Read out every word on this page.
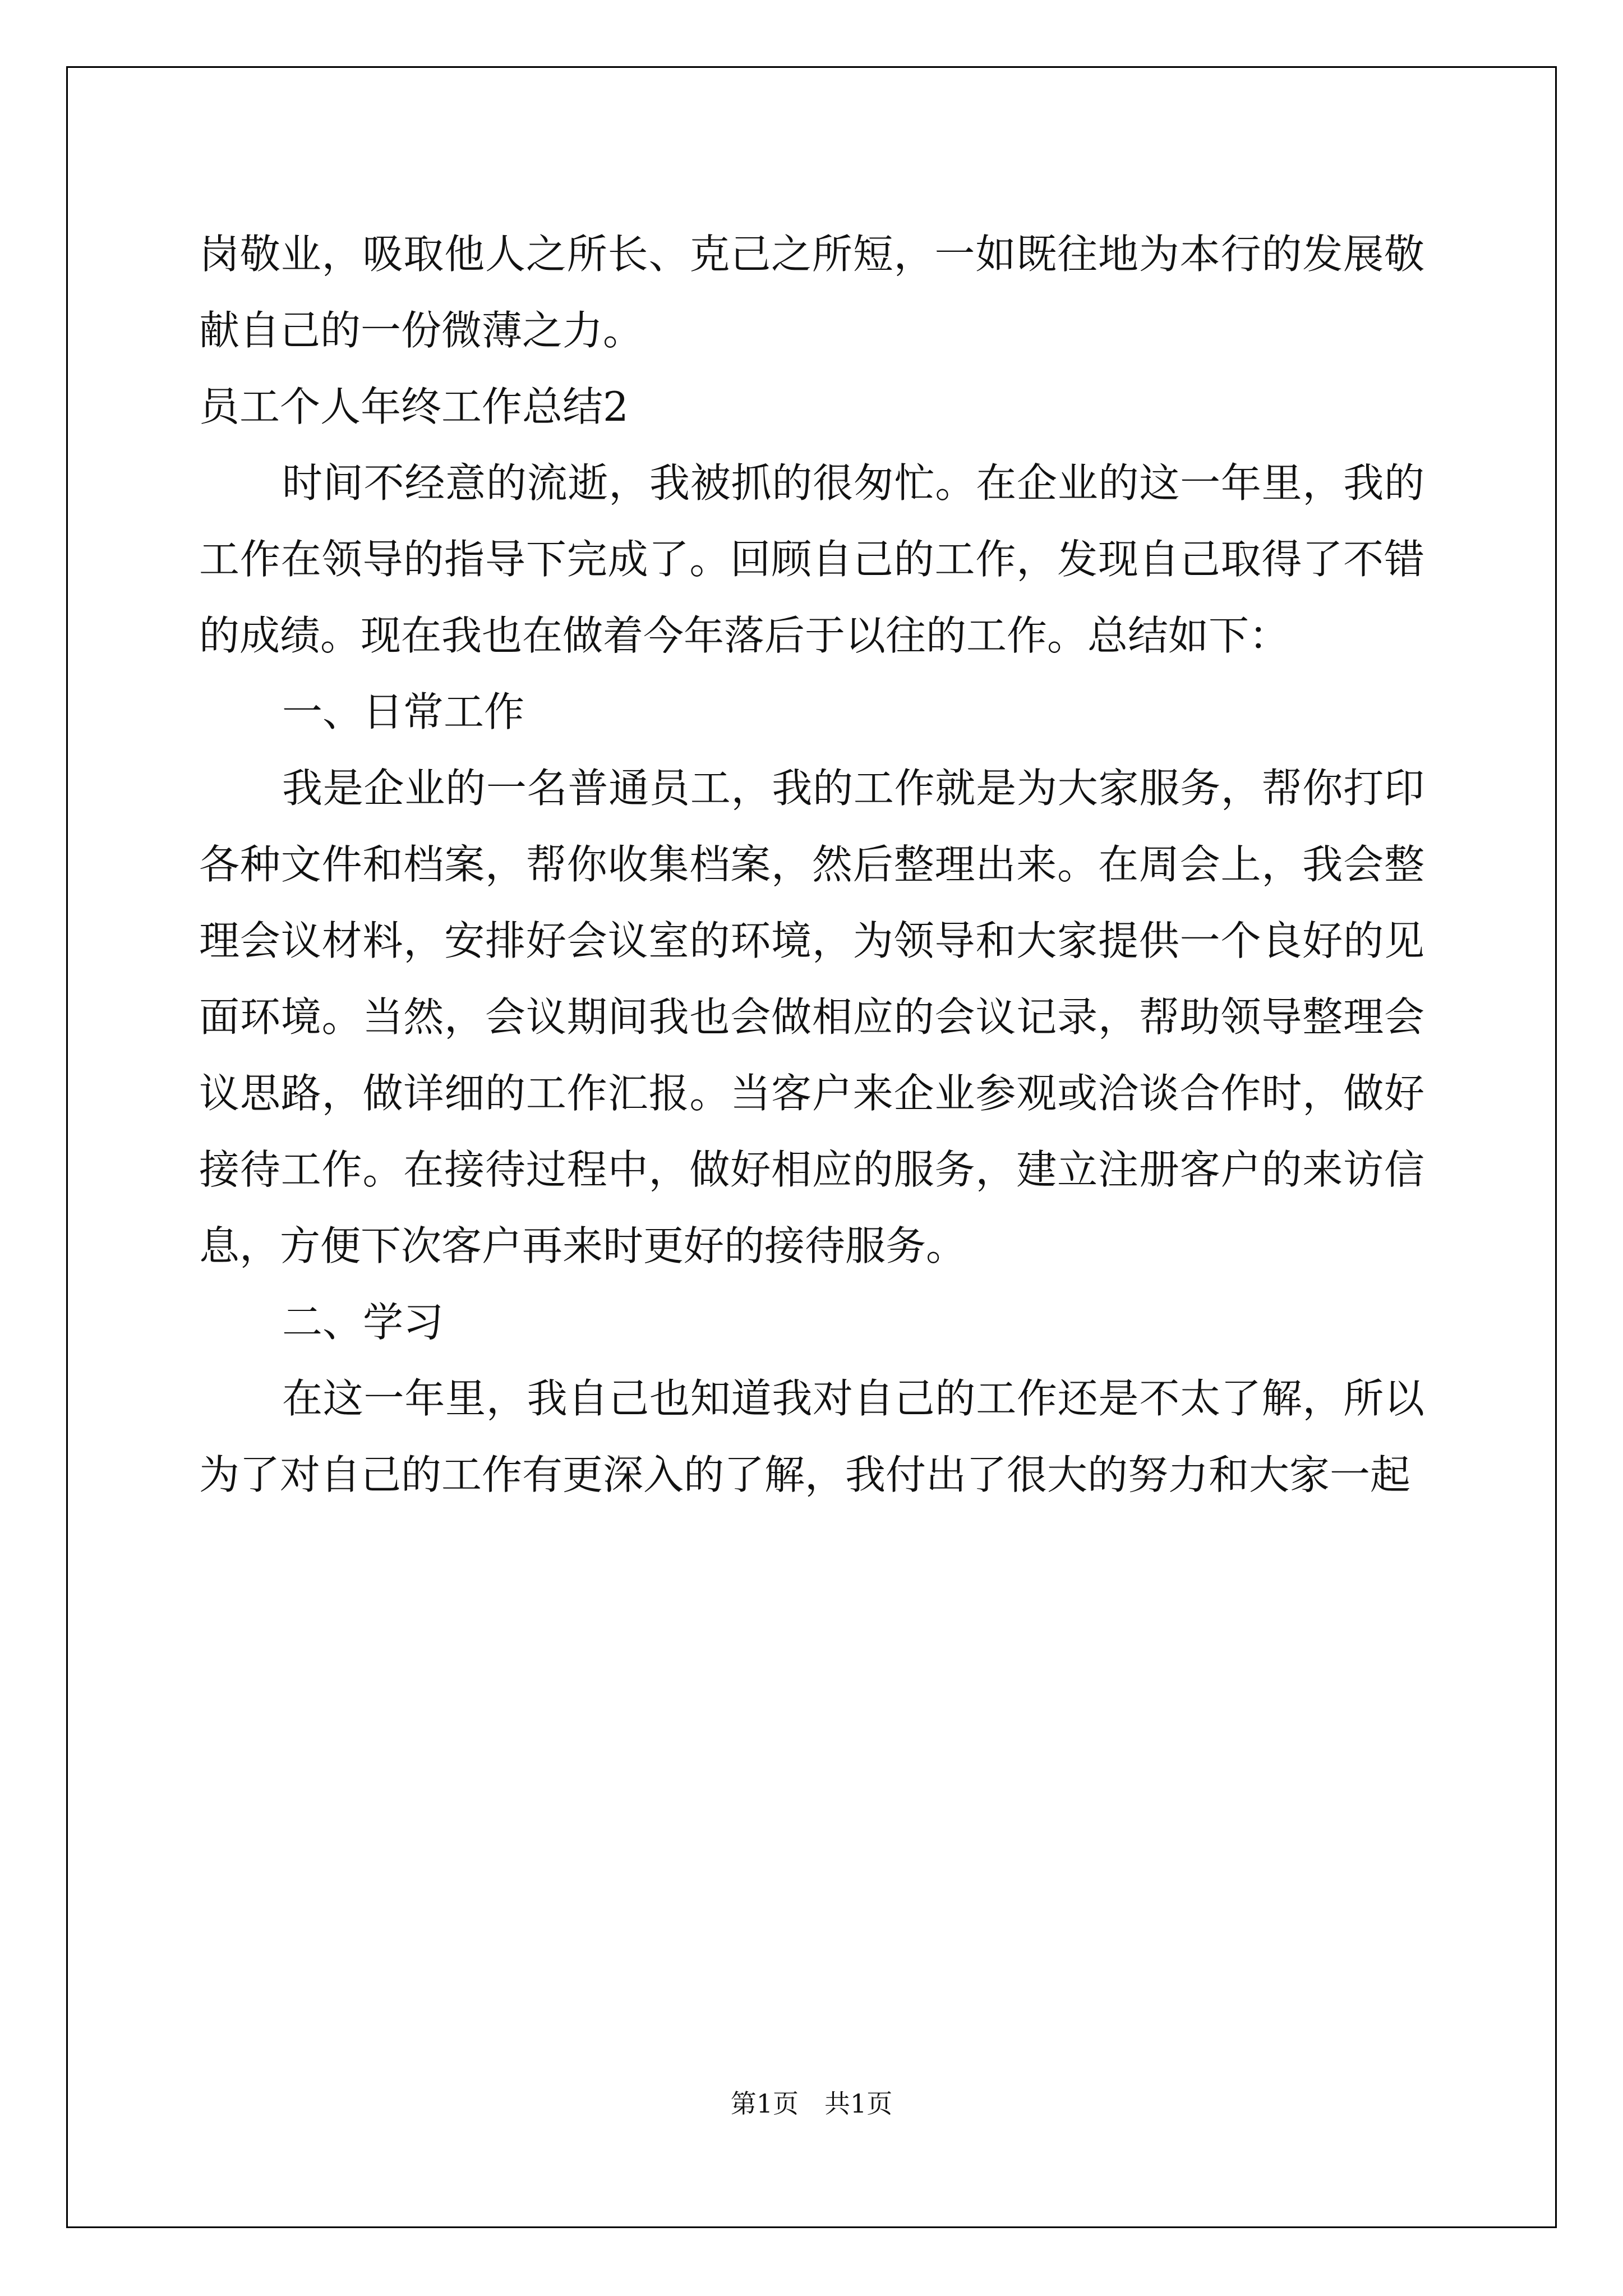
岗敬业，吸取他人之所长、克己之所短，一如既往地为本行的发展敬献自己的一份微薄之力。

员工个人年终工作总结2

时间不经意的流逝，我被抓的很匆忙。在企业的这一年里，我的工作在领导的指导下完成了。回顾自己的工作，发现自己取得了不错的成绩。现在我也在做着今年落后于以往的工作。总结如下：

一、日常工作

我是企业的一名普通员工，我的工作就是为大家服务，帮你打印各种文件和档案，帮你收集档案，然后整理出来。在周会上，我会整理会议材料，安排好会议室的环境，为领导和大家提供一个良好的见面环境。当然，会议期间我也会做相应的会议记录，帮助领导整理会议思路，做详细的工作汇报。当客户来企业参观或洽谈合作时，做好接待工作。在接待过程中，做好相应的服务，建立注册客户的来访信息，方便下次客户再来时更好的接待服务。

二、学习

在这一年里，我自己也知道我对自己的工作还是不太了解，所以为了对自己的工作有更深入的了解，我付出了很大的努力和大家一起

第1页　共1页
